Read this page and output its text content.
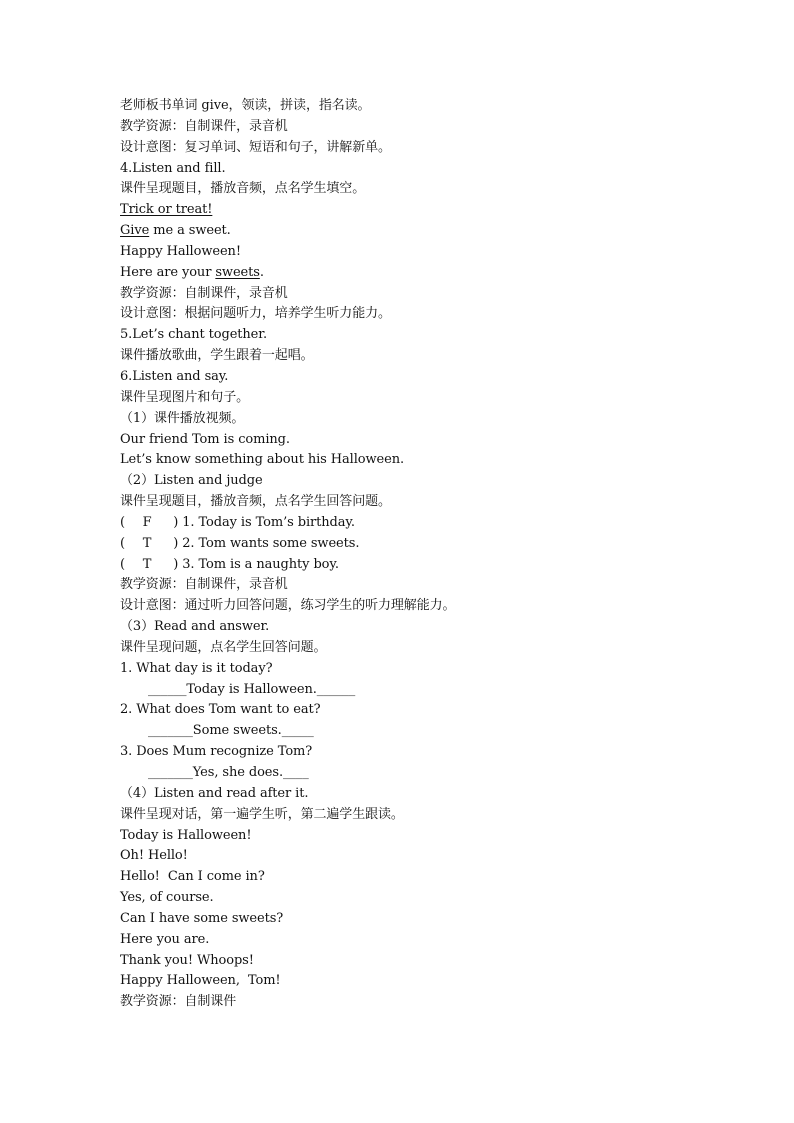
老师板书单词 give，领读，拼读，指名读。
教学资源：自制课件，录音机
设计意图：复习单词、短语和句子，讲解新单。
4.Listen and fill.
课件呈现题目，播放音频，点名学生填空。
Trick or treat!
Give me a sweet.
Happy Halloween!
Here are your sweets.
教学资源：自制课件，录音机
设计意图：根据问题听力，培养学生听力能力。
5.Let’s chant together.
课件播放歌曲，学生跟着一起唱。
6.Listen and say.
课件呈现图片和句子。
（1）课件播放视频。
Our friend Tom is coming.
Let’s know something about his Halloween.
（2）Listen and judge
课件呈现题目，播放音频，点名学生回答问题。
( F ) 1. Today is Tom’s birthday.
( T ) 2. Tom wants some sweets.
( T ) 3. Tom is a naughty boy.
教学资源：自制课件，录音机
设计意图：通过听力回答问题，练习学生的听力理解能力。
（3）Read and answer.
课件呈现问题，点名学生回答问题。
1. What day is it today?
______Today is Halloween.______
2. What does Tom want to eat?
_______Some sweets._____
3. Does Mum recognize Tom?
_______Yes, she does.____
（4）Listen and read after it.
课件呈现对话，第一遍学生听，第二遍学生跟读。
Today is Halloween!
Oh! Hello!
Hello!  Can I come in?
Yes, of course.
Can I have some sweets?
Here you are.
Thank you! Whoops!
Happy Halloween,  Tom!
教学资源：自制课件
